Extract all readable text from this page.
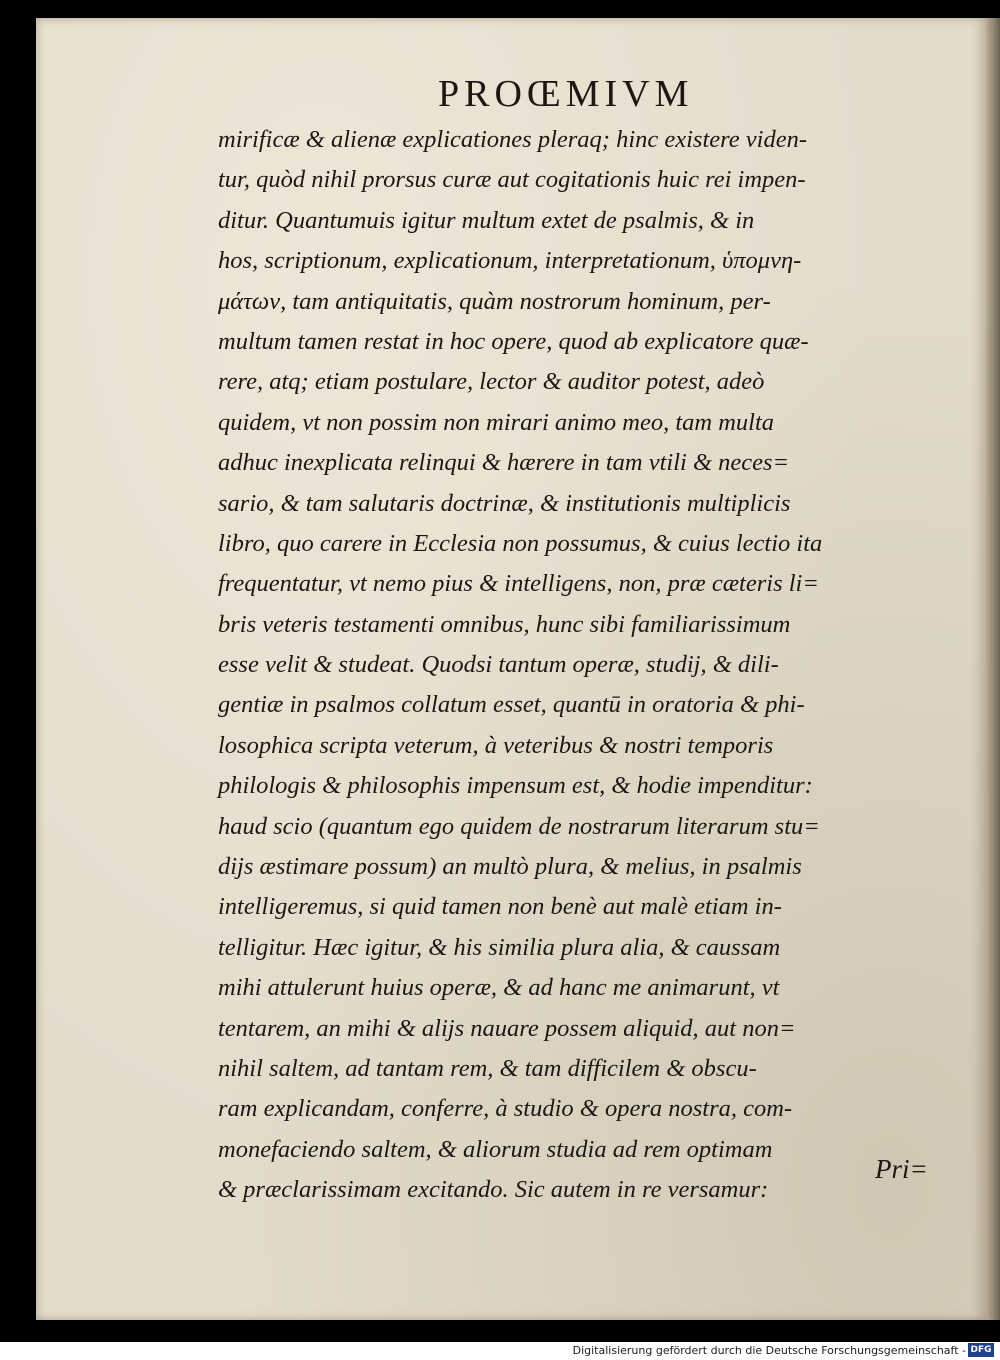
PROŒMIVM
mirificæ & alienæ explicationes pleraq; hinc existere viden-
tur, quòd nihil prorsus curæ aut cogitationis huic rei impen-
ditur. Quantumuis igitur multum extet de psalmis, & in
hos, scriptionum, explicationum, interpretationum, ὑπομνη-
μάτων, tam antiquitatis, quàm nostrorum hominum, per-
multum tamen restat in hoc opere, quod ab explicatore quæ-
rere, atq; etiam postulare, lector & auditor potest, adeò
quidem, vt non possim non mirari animo meo, tam multa
adhuc inexplicata relinqui & hærere in tam vtili & neces=
sario, & tam salutaris doctrinæ, & institutionis multiplicis
libro, quo carere in Ecclesia non possumus, & cuius lectio ita
frequentatur, vt nemo pius & intelligens, non, præ cæteris li=
bris veteris testamenti omnibus, hunc sibi familiarissimum
esse velit & studeat. Quodsi tantum operæ, studij, & dili-
gentiæ in psalmos collatum esset, quantū in oratoria & phi-
losophica scripta veterum, à veteribus & nostri temporis
philologis & philosophis impensum est, & hodie impenditur:
haud scio (quantum ego quidem de nostrarum literarum stu=
dijs æstimare possum) an multò plura, & melius, in psalmis
intelligeremus, si quid tamen non benè aut malè etiam in-
telligitur. Hæc igitur, & his similia plura alia, & caussam
mihi attulerunt huius operæ, & ad hanc me animarunt, vt
tentarem, an mihi & alijs nauare possem aliquid, aut non=
nihil saltem, ad tantam rem, & tam difficilem & obscu-
ram explicandam, conferre, à studio & opera nostra, com-
monefaciendo saltem, & aliorum studia ad rem optimam
& præclarissimam excitando. Sic autem in re versamur:
Pri=
Digitalisierung gefördert durch die Deutsche Forschungsgemeinschaft - DFG
